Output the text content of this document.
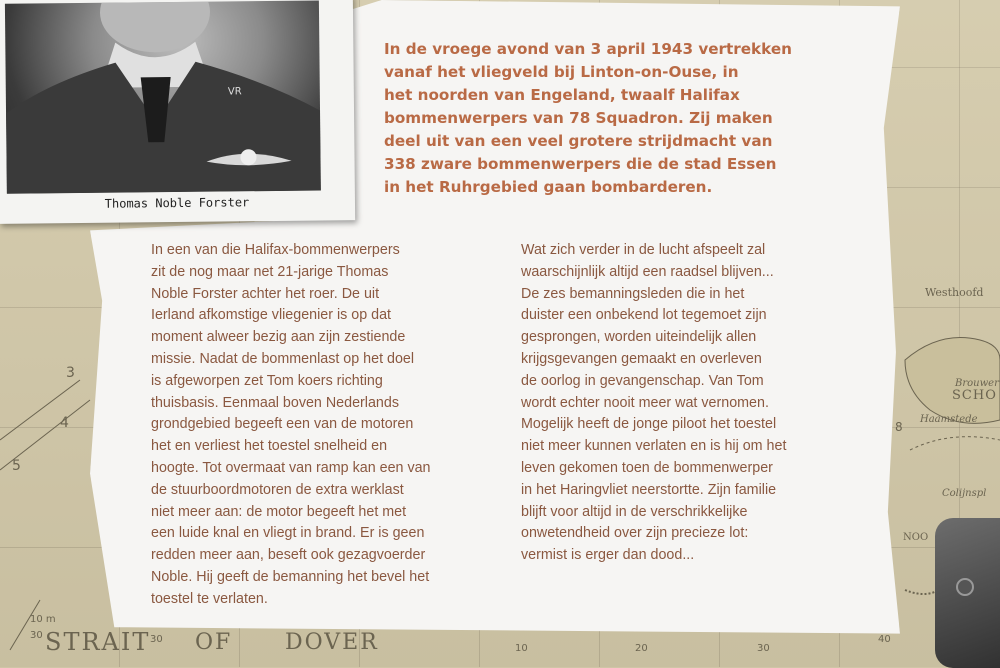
Westhoofd
Brouwer
SCHO
Haamstede
Colijnspl
NOO
STRAIT OF DOVER
3
4
5
8
10 m
30	30
10	20	30
40
VR
Thomas Noble Forster
In de vroege avond van 3 april 1943 vertrekken
vanaf het vliegveld bij Linton-on-Ouse, in
het noorden van Engeland, twaalf Halifax
bommenwerpers van 78 Squadron. Zij maken
deel uit van een veel grotere strijdmacht van
338 zware bommenwerpers die de stad Essen
in het Ruhrgebied gaan bombarderen.
In een van die Halifax-bommenwerpers
zit de nog maar net 21-jarige Thomas
Noble Forster achter het roer. De uit
Ierland afkomstige vliegenier is op dat
moment alweer bezig aan zijn zestiende
missie. Nadat de bommenlast op het doel
is afgeworpen zet Tom koers richting
thuisbasis. Eenmaal boven Nederlands
grondgebied begeeft een van de motoren
het en verliest het toestel snelheid en
hoogte. Tot overmaat van ramp kan een van
de stuurboordmotoren de extra werklast
niet meer aan: de motor begeeft het met
een luide knal en vliegt in brand. Er is geen
redden meer aan, beseft ook gezagvoerder
Noble. Hij geeft de bemanning het bevel het
toestel te verlaten.
Wat zich verder in de lucht afspeelt zal
waarschijnlijk altijd een raadsel blijven...
De zes bemanningsleden die in het
duister een onbekend lot tegemoet zijn
gesprongen, worden uiteindelijk allen
krijgsgevangen gemaakt en overleven
de oorlog in gevangenschap. Van Tom
wordt echter nooit meer wat vernomen.
Mogelijk heeft de jonge piloot het toestel
niet meer kunnen verlaten en is hij om het
leven gekomen toen de bommenwerper
in het Haringvliet neerstortte. Zijn familie
blijft voor altijd in de verschrikkelijke
onwetendheid over zijn precieze lot:
vermist is erger dan dood...
